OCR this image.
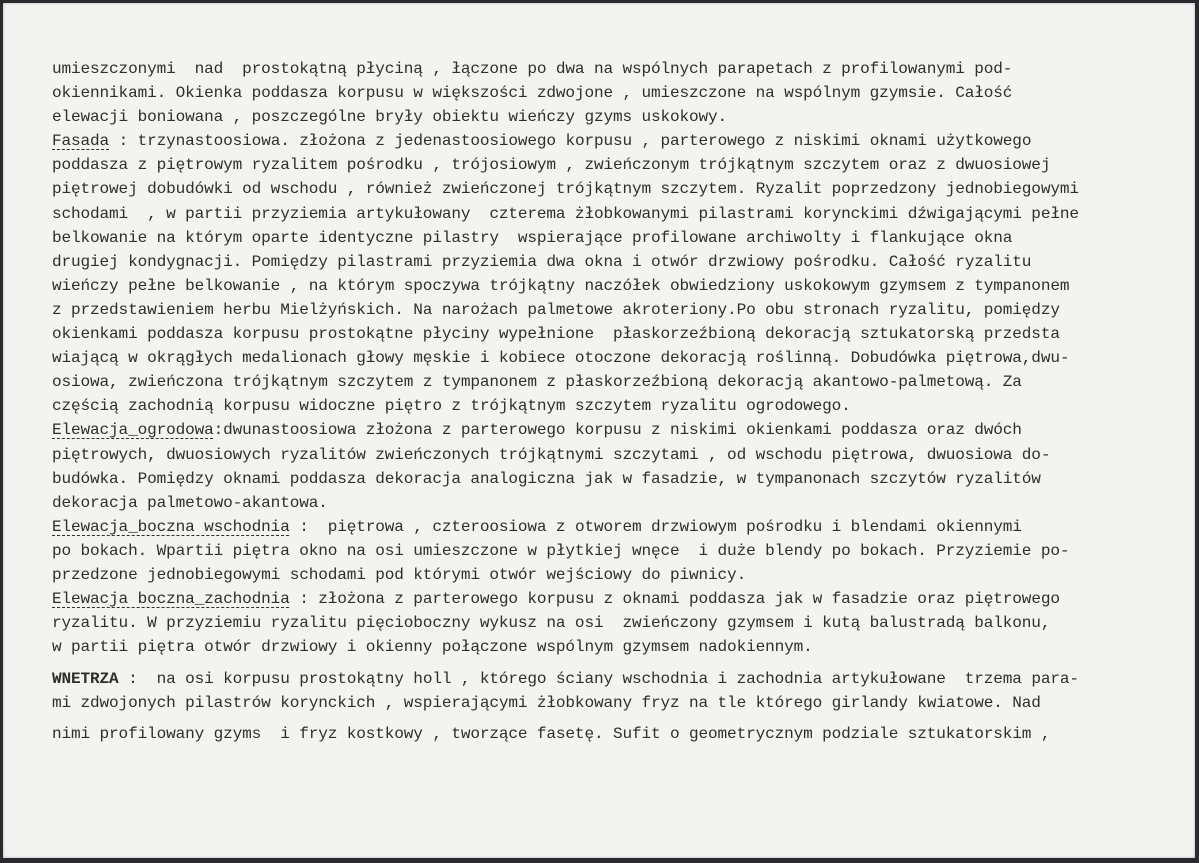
umieszczonymi  nad  prostokątną płyciną , łączone po dwa na wspólnych parapetach z profilowanymi pod-
okiennikami. Okienka poddasza korpusu w większości zdwojone , umieszczone na wspólnym gzymsie. Całość
elewacji boniowana , poszczególne bryły obiektu wieńczy gzyms uskokowy.
Fasada : trzynastoosiowa. złożona z jedenastoosiowego korpusu , parterowego z niskimi oknami użytkowego
poddasza z piętrowym ryzalitem pośrodku , trójosiowym , zwieńczonym trójkątnym szczytem oraz z dwuosiowej
piętrowej dobudówki od wschodu , również zwieńczonej trójkątnym szczytem. Ryzalit poprzedzony jednobiegowymi
schodami  , w partii przyziemia artykułowany  czterema żłobkowanymi pilastrami korynckimi dźwigającymi pełne
belkowanie na którym oparte identyczne pilastry  wspierające profilowane archiwolty i flankujące okna
drugiej kondygnacji. Pomiędzy pilastrami przyziemia dwa okna i otwór drzwiowy pośrodku. Całość ryzalitu
wieńczy pełne belkowanie , na którym spoczywa trójkątny naczółek obwiedziony uskokowym gzymsem z tympanonem
z przedstawieniem herbu Mielżyńskich. Na narożach palmetowe akroteriony.Po obu stronach ryzalitu, pomiędzy
okienkami poddasza korpusu prostokątne płyciny wypełnione  płaskorzeźbioną dekoracją sztukatorską przedsta
wiającą w okrągłych medalionach głowy męskie i kobiece otoczone dekoracją roślinną. Dobudówka piętrowa,dwu-
osiowa, zwieńczona trójkątnym szczytem z tympanonem z płaskorzeźbioną dekoracją akantowo-palmetową. Za
częścią zachodnią korpusu widoczne piętro z trójkątnym szczytem ryzalitu ogrodowego.
Elewacja_ogrodowa:dwunastoosiowa złożona z parterowego korpusu z niskimi okienkami poddasza oraz dwóch
piętrowych, dwuosiowych ryzalitów zwieńczonych trójkątnymi szczytami , od wschodu piętrowa, dwuosiowa do-
budówka. Pomiędzy oknami poddasza dekoracja analogiczna jak w fasadzie, w tympanonach szczytów ryzalitów
dekoracja palmetowo-akantowa.
Elewacja_boczna wschodnia :  piętrowa , czteroosiowa z otworem drzwiowym pośrodku i blendami okiennymi
po bokach. Wpartii piętra okno na osi umieszczone w płytkiej wnęce  i duże blendy po bokach. Przyziemie po-
przedzone jednobiegowymi schodami pod którymi otwór wejściowy do piwnicy.
Elewacja boczna_zachodnia : złożona z parterowego korpusu z oknami poddasza jak w fasadzie oraz piętrowego
ryzalitu. W przyziemiu ryzalitu pięcioboczny wykusz na osi  zwieńczony gzymsem i kutą balustradą balkonu,
w partii piętra otwór drzwiowy i okienny połączone wspólnym gzymsem nadokiennym.
WNETRZA :  na osi korpusu prostokątny holl , którego ściany wschodnia i zachodnia artykułowane  trzema para-
mi zdwojonych pilastrów korynckich , wspierającymi żłobkowany fryz na tle którego girlandy kwiatowe. Nad
nimi profilowany gzyms  i fryz kostkowy , tworzące fasetę. Sufit o geometrycznym podziale sztukatorskim ,
